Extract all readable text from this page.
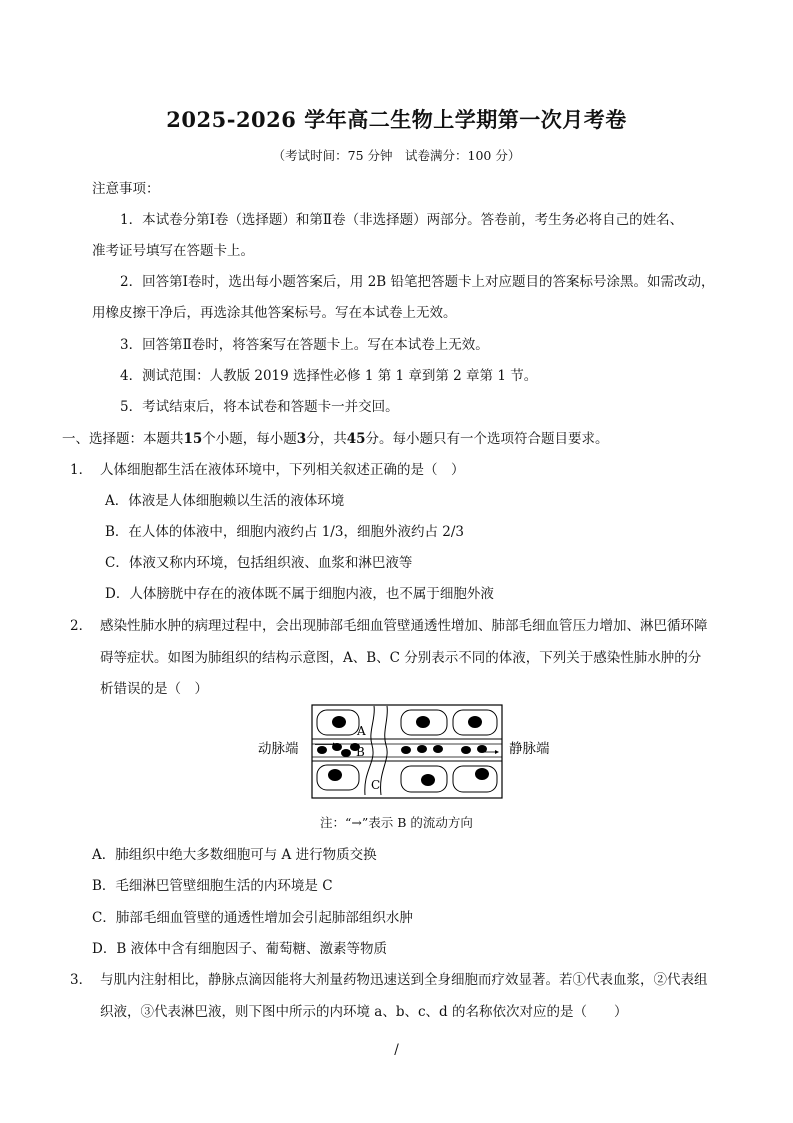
2025-2026 学年高二生物上学期第一次月考卷
（考试时间：75 分钟　试卷满分：100 分）
注意事项：
1．本试卷分第Ⅰ卷（选择题）和第Ⅱ卷（非选择题）两部分。答卷前，考生务必将自己的姓名、
准考证号填写在答题卡上。
2．回答第Ⅰ卷时，选出每小题答案后，用 2B 铅笔把答题卡上对应题目的答案标号涂黑。如需改动，
用橡皮擦干净后，再选涂其他答案标号。写在本试卷上无效。
3．回答第Ⅱ卷时，将答案写在答题卡上。写在本试卷上无效。
4．测试范围：人教版 2019 选择性必修 1 第 1 章到第 2 章第 1 节。
5．考试结束后，将本试卷和答题卡一并交回。
一、选择题：本题共15个小题，每小题3分，共45分。每小题只有一个选项符合题目要求。
1． 人体细胞都生活在液体环境中，下列相关叙述正确的是（　）
A．体液是人体细胞赖以生活的液体环境
B．在人体的体液中，细胞内液约占 1/3，细胞外液约占 2/3
C．体液又称内环境，包括组织液、血浆和淋巴液等
D．人体膀胱中存在的液体既不属于细胞内液，也不属于细胞外液
2． 感染性肺水肿的病理过程中，会出现肺部毛细血管壁通透性增加、肺部毛细血管压力增加、淋巴循环障
碍等症状。如图为肺组织的结构示意图，A、B、C 分别表示不同的体液，下列关于感染性肺水肿的分
析错误的是（　）
动脉端	静脉端
A
B
C
注：“→”表示 B 的流动方向
A．肺组织中绝大多数细胞可与 A 进行物质交换
B．毛细淋巴管壁细胞生活的内环境是 C
C．肺部毛细血管壁的通透性增加会引起肺部组织水肿
D．B 液体中含有细胞因子、葡萄糖、激素等物质
3． 与肌内注射相比，静脉点滴因能将大剂量药物迅速送到全身细胞而疗效显著。若①代表血浆，②代表组
织液，③代表淋巴液，则下图中所示的内环境 a、b、c、d 的名称依次对应的是（　　）
/
